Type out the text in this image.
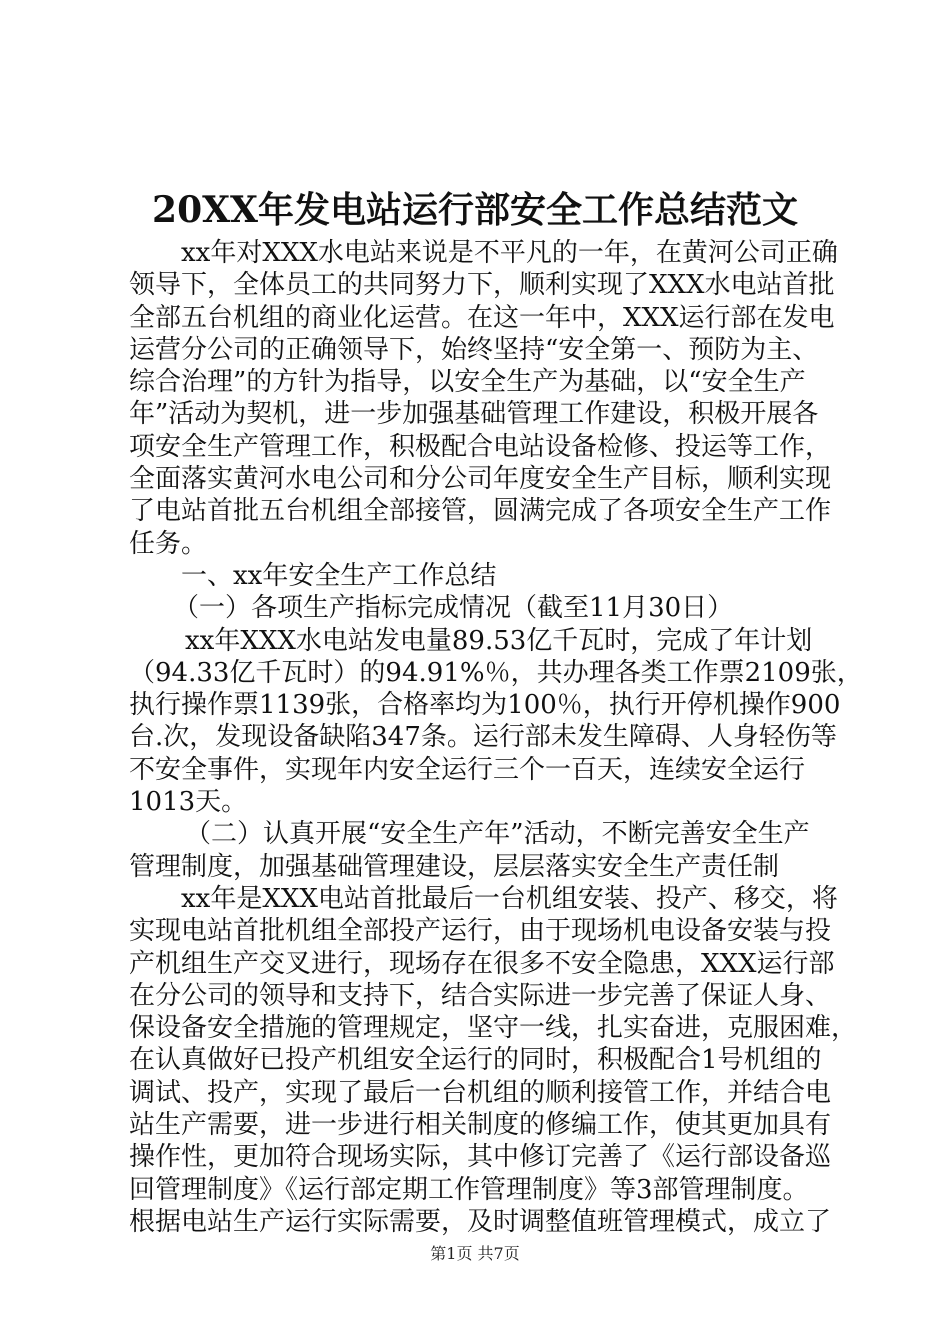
20XX年发电站运行部安全工作总结范文
xx年对XXX水电站来说是不平凡的一年，在黄河公司正确
领导下，全体员工的共同努力下，顺利实现了XXX水电站首批
全部五台机组的商业化运营。在这一年中，XXX运行部在发电
运营分公司的正确领导下，始终坚持“安全第一、预防为主、
综合治理”的方针为指导，以安全生产为基础，以“安全生产
年”活动为契机，进一步加强基础管理工作建设，积极开展各
项安全生产管理工作，积极配合电站设备检修、投运等工作，
全面落实黄河水电公司和分公司年度安全生产目标，顺利实现
了电站首批五台机组全部接管，圆满完成了各项安全生产工作
任务。
一、xx年安全生产工作总结
（一）各项生产指标完成情况（截至11月30日）
xx年XXX水电站发电量89.53亿千瓦时，完成了年计划
（94.33亿千瓦时）的94.91%％，共办理各类工作票2109张，
执行操作票1139张，合格率均为100％，执行开停机操作900
台.次，发现设备缺陷347条。运行部未发生障碍、人身轻伤等
不安全事件，实现年内安全运行三个一百天，连续安全运行
1013天。
（二）认真开展“安全生产年”活动，不断完善安全生产
管理制度，加强基础管理建设，层层落实安全生产责任制
xx年是XXX电站首批最后一台机组安装、投产、移交，将
实现电站首批机组全部投产运行，由于现场机电设备安装与投
产机组生产交叉进行，现场存在很多不安全隐患，XXX运行部
在分公司的领导和支持下，结合实际进一步完善了保证人身、
保设备安全措施的管理规定，坚守一线，扎实奋进，克服困难，
在认真做好已投产机组安全运行的同时，积极配合1号机组的
调试、投产，实现了最后一台机组的顺利接管工作，并结合电
站生产需要，进一步进行相关制度的修编工作，使其更加具有
操作性，更加符合现场实际，其中修订完善了《运行部设备巡
回管理制度》《运行部定期工作管理制度》等3部管理制度。
根据电站生产运行实际需要，及时调整值班管理模式，成立了
第1页 共7页
